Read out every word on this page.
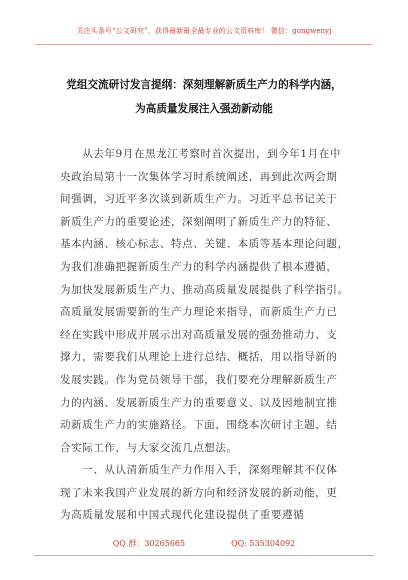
关注头条号“公文研究”，获得最新最全最专业的公文资料库！ 微信：gongwenyj
党组交流研讨发言提纲：深刻理解新质生产力的科学内涵，
为高质量发展注入强劲新动能
　　从去年9月在黑龙江考察时首次提出，到今年1月在中
央政治局第十一次集体学习时系统阐述，再到此次两会期
间强调，习近平多次谈到新质生产力。习近平总书记关于
新质生产力的重要论述，深刻阐明了新质生产力的特征、
基本内涵、核心标志、特点、关键、本质等基本理论问题，
为我们准确把握新质生产力的科学内涵提供了根本遵循，
为加快发展新质生产力、推动高质量发展提供了科学指引。
高质量发展需要新的生产力理论来指导，而新质生产力已
经在实践中形成并展示出对高质量发展的强劲推动力、支
撑力，需要我们从理论上进行总结、概括，用以指导新的
发展实践。作为党员领导干部，我们要充分理解新质生产
力的内涵、发展新质生产力的重要意义、以及因地制宜推
动新质生产力的实施路径。下面，围绕本次研讨主题，结
合实际工作，与大家交流几点想法。
　　一、从认清新质生产力作用入手，深刻理解其不仅体
现了未来我国产业发展的新方向和经济发展的新动能，更
为高质量发展和中国式现代化建设提供了重要遵循
QQ 群：30265665	QQ: 535304092
